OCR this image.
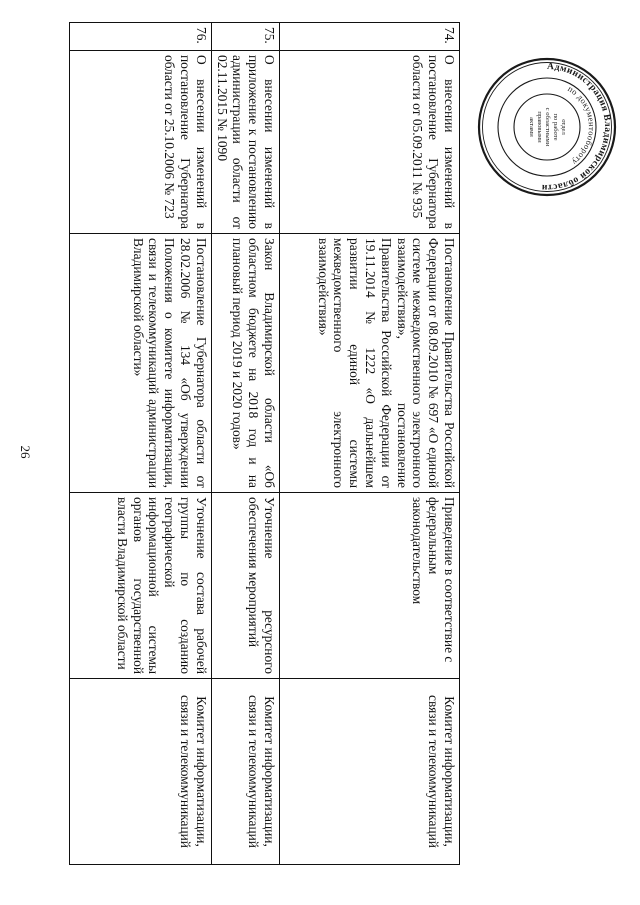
26
74.	О внесении изменений в постановление Губернатора области от 05.09.2011 № 935	Постановление Правительства Российской Федерации от 08.09.2010 № 697 «О единой системе межведомственного электронного взаимодействия», постановление Правительства Российской Федерации от 19.11.2014 № 1222 «О дальнейшем развитии единой системы межведомственного электронного взаимодействия»	Приведение в соответствие с федеральным законодательством	Комитет информатизации, связи и телекоммуникаций
75.	О внесении изменений в приложение к постановлению администрации области от 02.11.2015 № 1090	Закон Владимирской области «Об областном бюджете на 2018 год и на плановый период 2019 и 2020 годов»	Уточнение ресурсного обеспечения мероприятий	Комитет информатизации, связи и телекоммуникаций
76.	О внесении изменений в постановление Губернатора области от 25.10.2006 № 723	Постановление Губернатора области от 28.02.2006 № 134 «Об утверждении Положения о комитете информатизации, связи и телекоммуникаций администрации Владимирской области»	Уточнение состава рабочей группы по созданию географической информационной системы органов государственной власти Владимирской области	Комитет информатизации, связи и телекоммуникаций
Администрация Владимирской области
по документообороту
отдел
по работе
с областными
правовыми
актами
